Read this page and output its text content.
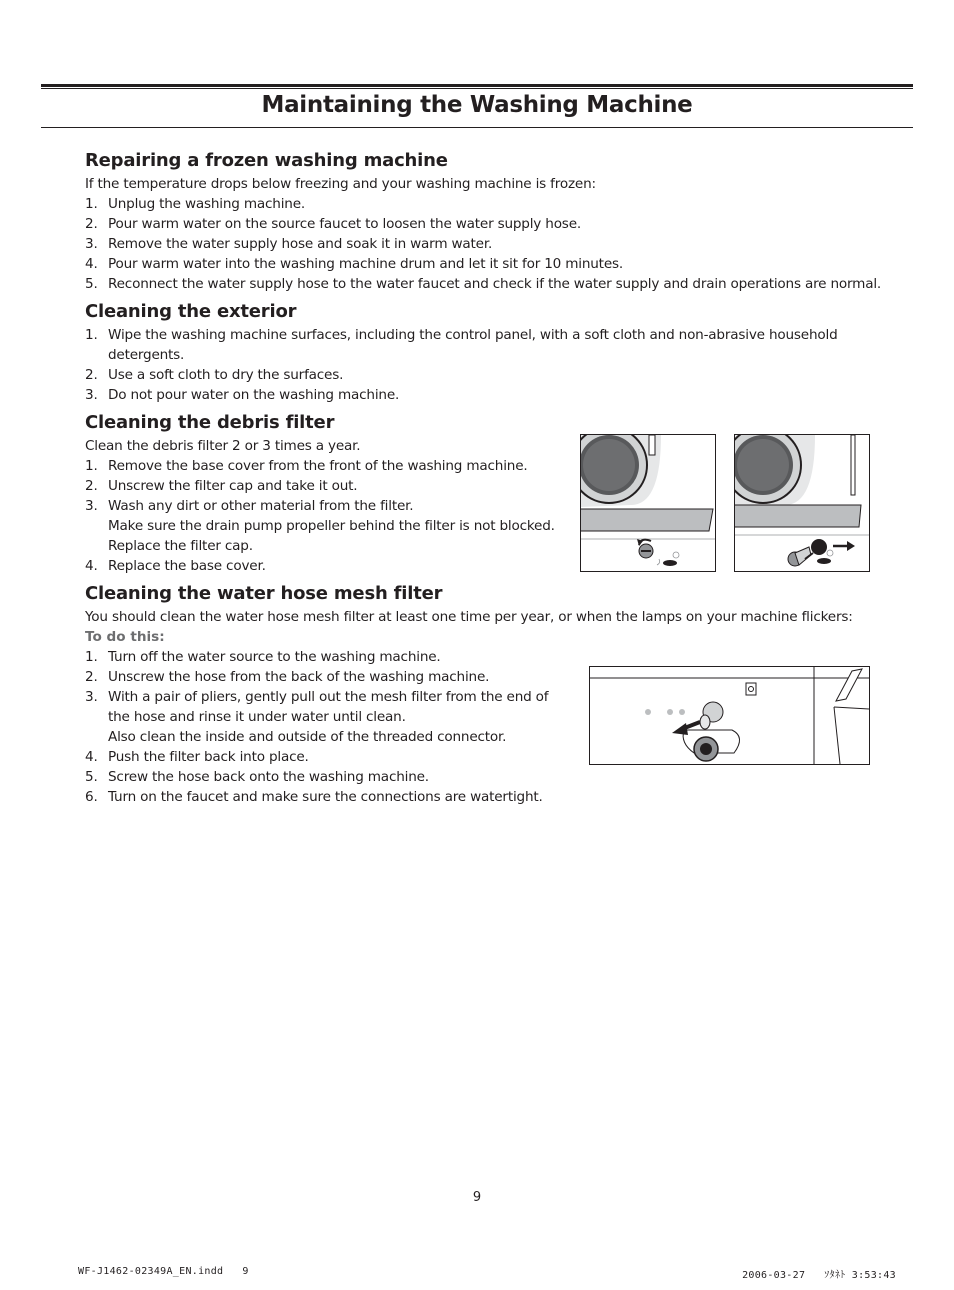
Maintaining the Washing Machine
Repairing a frozen washing machine

If the temperature drops below freezing and your washing machine is frozen:

1. Unplug the washing machine.
2. Pour warm water on the source faucet to loosen the water supply hose.
3. Remove the water supply hose and soak it in warm water.
4. Pour warm water into the washing machine drum and let it sit for 10 minutes.
5. Reconnect the water supply hose to the water faucet and check if the water supply and drain operations are normal.
Cleaning the exterior
1. Wipe the washing machine surfaces, including the control panel, with a soft cloth and non-abrasive household detergents.
2. Use a soft cloth to dry the surfaces.
3. Do not pour water on the washing machine.
Cleaning the debris filter

Clean the debris filter 2 or 3 times a year.

1. Remove the base cover from the front of the washing machine.
2. Unscrew the filter cap and take it out.
3. Wash any dirt or other material from the filter.
Make sure the drain pump propeller behind the filter is not blocked.
Replace the filter cap.
4. Replace the base cover.
Cleaning the water hose mesh filter

You should clean the water hose mesh filter at least one time per year, or when the lamps on your machine flickers:

To do this:
1. Turn off the water source to the washing machine.
2. Unscrew the hose from the back of the washing machine.
3. With a pair of pliers, gently pull out the mesh filter from the end of the hose and rinse it under water until clean.
Also clean the inside and outside of the threaded connector.
4. Push the filter back into place.
5. Screw the hose back onto the washing machine.
6. Turn on the faucet and make sure the connections are watertight.
9
WF-J1462-02349A_EN.indd   9	2006-03-27   ｿﾀﾈﾄ 3:53:43
